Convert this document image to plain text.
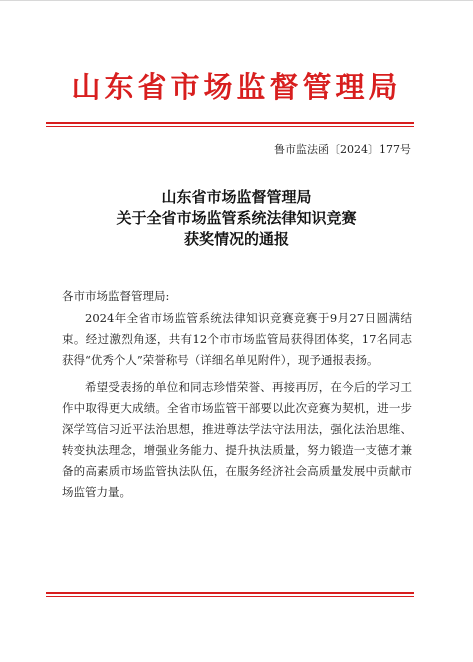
山东省市场监督管理局
鲁市监法函〔2024〕177号
山东省市场监督管理局
关于全省市场监管系统法律知识竞赛
获奖情况的通报
各市市场监督管理局:

2024年全省市场监管系统法律知识竞赛竞赛于9月27日圆满结束。经过激烈角逐，共有12个市市场监管局获得团体奖，17名同志获得“优秀个人”荣誉称号（详细名单见附件），现予通报表扬。

希望受表扬的单位和同志珍惜荣誉、再接再厉，在今后的学习工作中取得更大成绩。全省市场监管干部要以此次竞赛为契机，进一步深学笃信习近平法治思想，推进尊法学法守法用法，强化法治思维、转变执法理念，增强业务能力、提升执法质量，努力锻造一支德才兼备的高素质市场监管执法队伍，在服务经济社会高质量发展中贡献市场监管力量。
